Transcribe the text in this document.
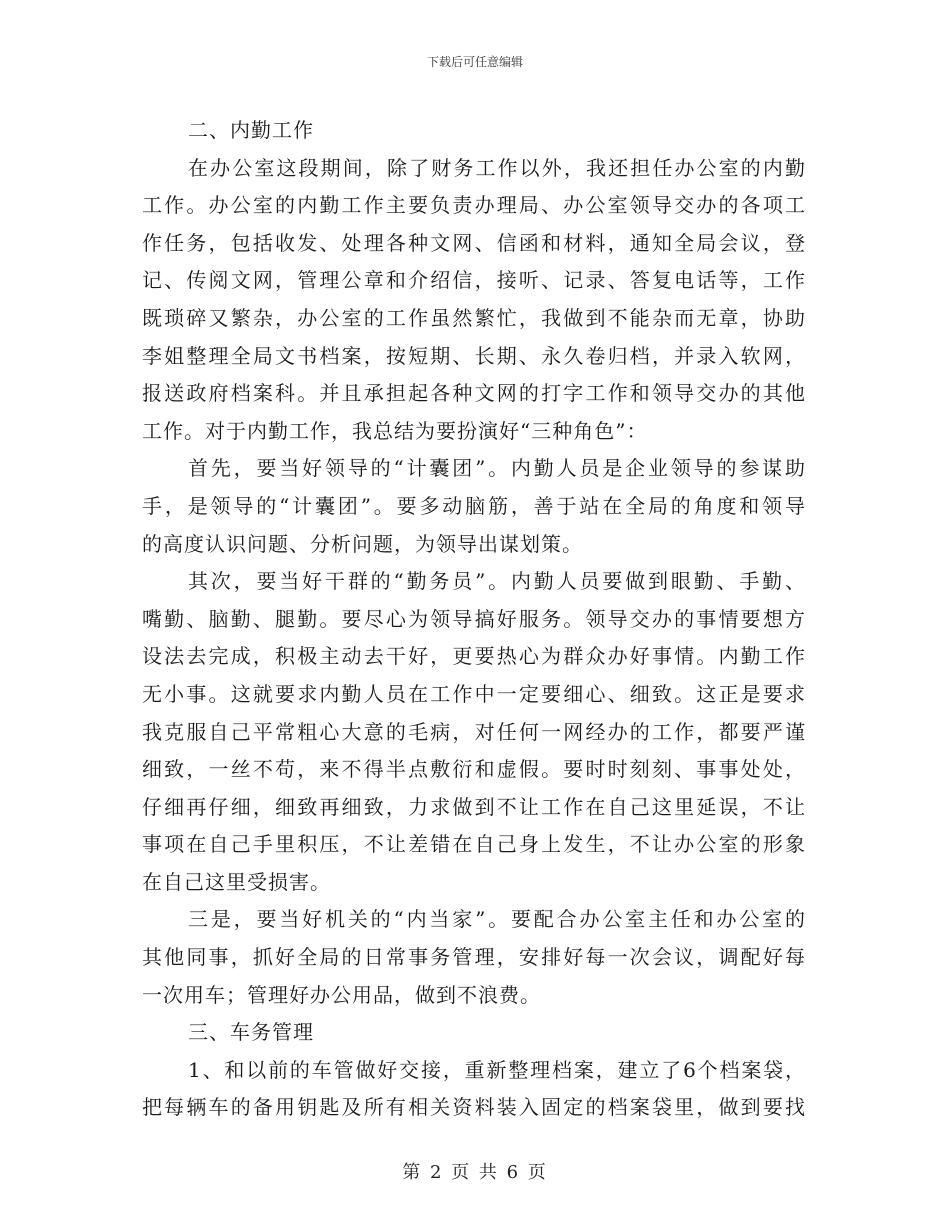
下载后可任意编辑
二、内勤工作
在办公室这段期间，除了财务工作以外，我还担任办公室的内勤
工作。办公室的内勤工作主要负责办理局、办公室领导交办的各项工
作任务，包括收发、处理各种文网、信函和材料，通知全局会议，登
记、传阅文网，管理公章和介绍信，接听、记录、答复电话等，工作
既琐碎又繁杂，办公室的工作虽然繁忙，我做到不能杂而无章，协助
李姐整理全局文书档案，按短期、长期、永久卷归档，并录入软网，
报送政府档案科。并且承担起各种文网的打字工作和领导交办的其他
工作。对于内勤工作，我总结为要扮演好“三种角色”：
首先，要当好领导的“计囊团”。内勤人员是企业领导的参谋助
手，是领导的“计囊团”。要多动脑筋，善于站在全局的角度和领导
的高度认识问题、分析问题，为领导出谋划策。
其次，要当好干群的“勤务员”。内勤人员要做到眼勤、手勤、
嘴勤、脑勤、腿勤。要尽心为领导搞好服务。领导交办的事情要想方
设法去完成，积极主动去干好，更要热心为群众办好事情。内勤工作
无小事。这就要求内勤人员在工作中一定要细心、细致。这正是要求
我克服自己平常粗心大意的毛病，对任何一网经办的工作，都要严谨
细致，一丝不苟，来不得半点敷衍和虚假。要时时刻刻、事事处处，
仔细再仔细，细致再细致，力求做到不让工作在自己这里延误，不让
事项在自己手里积压，不让差错在自己身上发生，不让办公室的形象
在自己这里受损害。
三是，要当好机关的“内当家”。要配合办公室主任和办公室的
其他同事，抓好全局的日常事务管理，安排好每一次会议，调配好每
一次用车；管理好办公用品，做到不浪费。
三、车务管理
1、和以前的车管做好交接，重新整理档案，建立了6个档案袋，
把每辆车的备用钥匙及所有相关资料装入固定的档案袋里，做到要找
第 2 页 共 6 页
